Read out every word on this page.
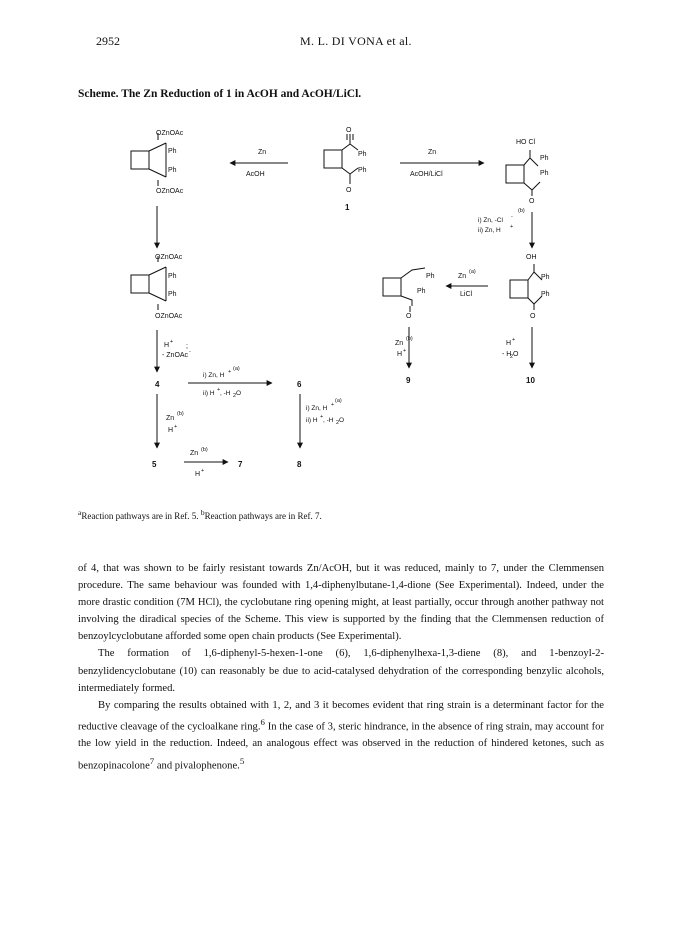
2952	M. L. DI VONA et al.
Scheme. The Zn Reduction of 1 in AcOH and AcOH/LiCl.
OZnOAc
Ph
Ph
OZnOAc
O
Ph
Ph
O
1
Zn
AcOH
Zn
AcOH/LiCl
HO Cl
Ph
Ph
O
(b)
i) Zn, -Cl -
ii) Zn, H +
OZnOAc
Ph
Ph
OZnOAc
OH
Ph
Ph
O
Ph
Ph
O
Zn
(a)
LiCl
Zn
(b)
H +
H +
- H
2 O
9	10
H +
;
- ZnOAc -
4	6
i) Zn, H + (a)
ii) H + , -H 2 O
i) Zn, H +
(a)
ii) H + , -H 2 O
Zn
(b)
H +
5	7	8
Zn (b)
H +
$^a$Reaction pathways are in Ref. 5. $^b$Reaction pathways are in Ref. 7.

of 4, that was shown to be fairly resistant towards Zn/AcOH, but it was reduced, mainly to 7, under the Clemmensen procedure. The same behaviour was founded with 1,4-diphenylbutane-1,4-dione (See Experimental). Indeed, under the more drastic condition (7M HCl), the cyclobutane ring opening might, at least partially, occur through another pathway not involving the diradical species of the Scheme. This view is supported by the finding that the Clemmensen reduction of benzoylcyclobutane afforded some open chain products (See Experimental).

The formation of 1,6-diphenyl-5-hexen-1-one (6), 1,6-diphenylhexa-1,3-diene (8), and 1-benzoyl-2-benzylidencyclobutane (10) can reasonably be due to acid-catalysed dehydration of the corresponding benzylic alcohols, intermediately formed.

By comparing the results obtained with 1, 2, and 3 it becomes evident that ring strain is a determinant factor for the reductive cleavage of the cycloalkane ring.$^6$ In the case of 3, steric hindrance, in the absence of ring strain, may account for the low yield in the reduction. Indeed, an analogous effect was observed in the reduction of hindered ketones, such as benzopinacolone$^7$ and pivalophenone.$^5$
